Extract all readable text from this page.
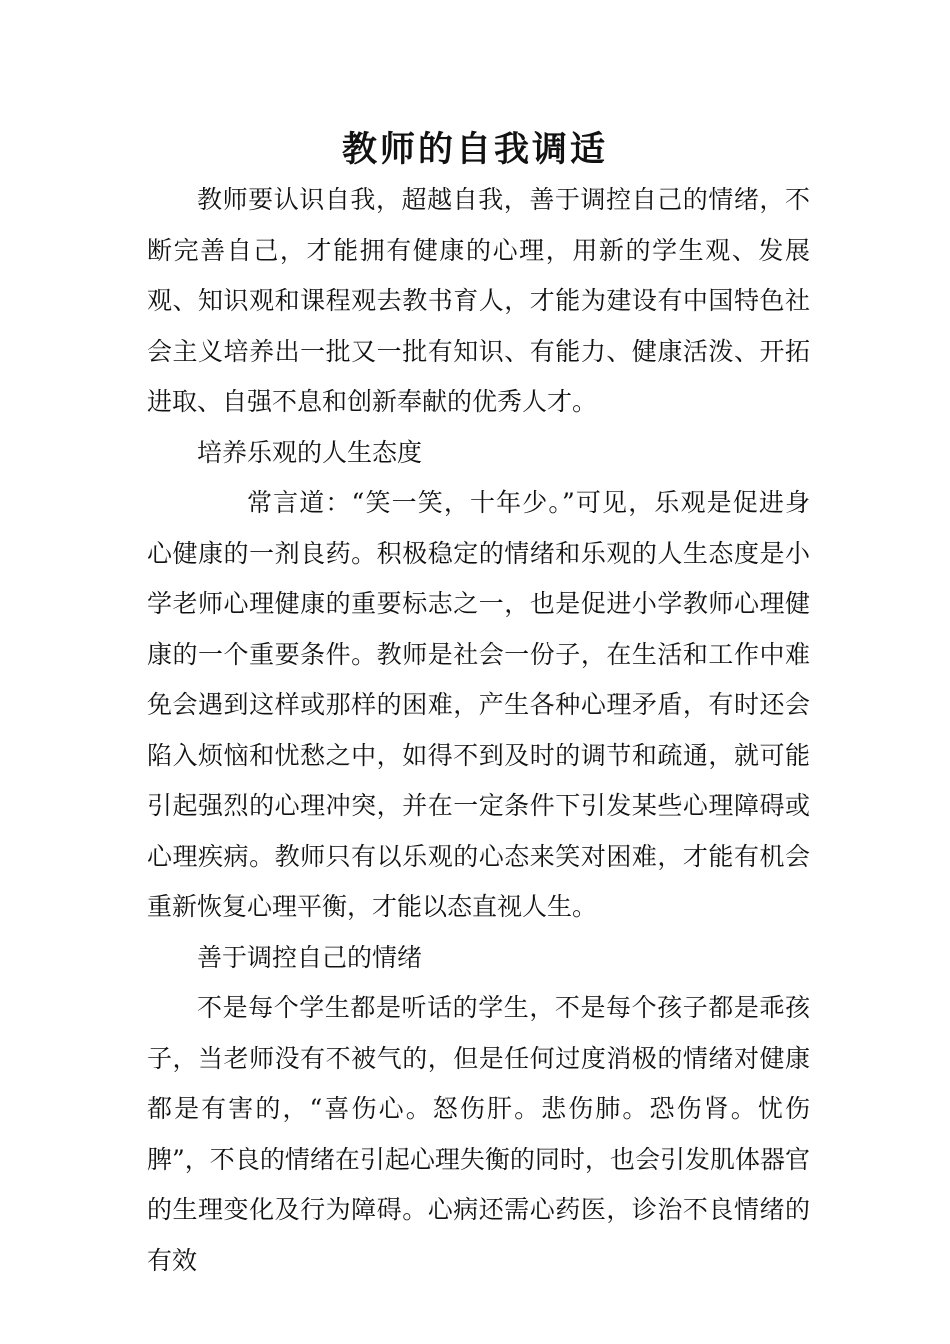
教师的自我调适

教师要认识自我，超越自我，善于调控自己的情绪，不断完善自己，才能拥有健康的心理，用新的学生观、发展观、知识观和课程观去教书育人，才能为建设有中国特色社会主义培养出一批又一批有知识、有能力、健康活泼、开拓进取、自强不息和创新奉献的优秀人才。

培养乐观的人生态度

常言道：“笑一笑，十年少。”可见，乐观是促进身心健康的一剂良药。积极稳定的情绪和乐观的人生态度是小学老师心理健康的重要标志之一，也是促进小学教师心理健康的一个重要条件。教师是社会一份子，在生活和工作中难免会遇到这样或那样的困难，产生各种心理矛盾，有时还会陷入烦恼和忧愁之中，如得不到及时的调节和疏通，就可能引起强烈的心理冲突，并在一定条件下引发某些心理障碍或心理疾病。教师只有以乐观的心态来笑对困难，才能有机会重新恢复心理平衡，才能以态直视人生。

善于调控自己的情绪

不是每个学生都是听话的学生，不是每个孩子都是乖孩子，当老师没有不被气的，但是任何过度消极的情绪对健康都是有害的，“喜伤心。怒伤肝。悲伤肺。恐伤肾。忧伤脾”，不良的情绪在引起心理失衡的同时，也会引发肌体器官的生理变化及行为障碍。心病还需心药医，诊治不良情绪的有效
